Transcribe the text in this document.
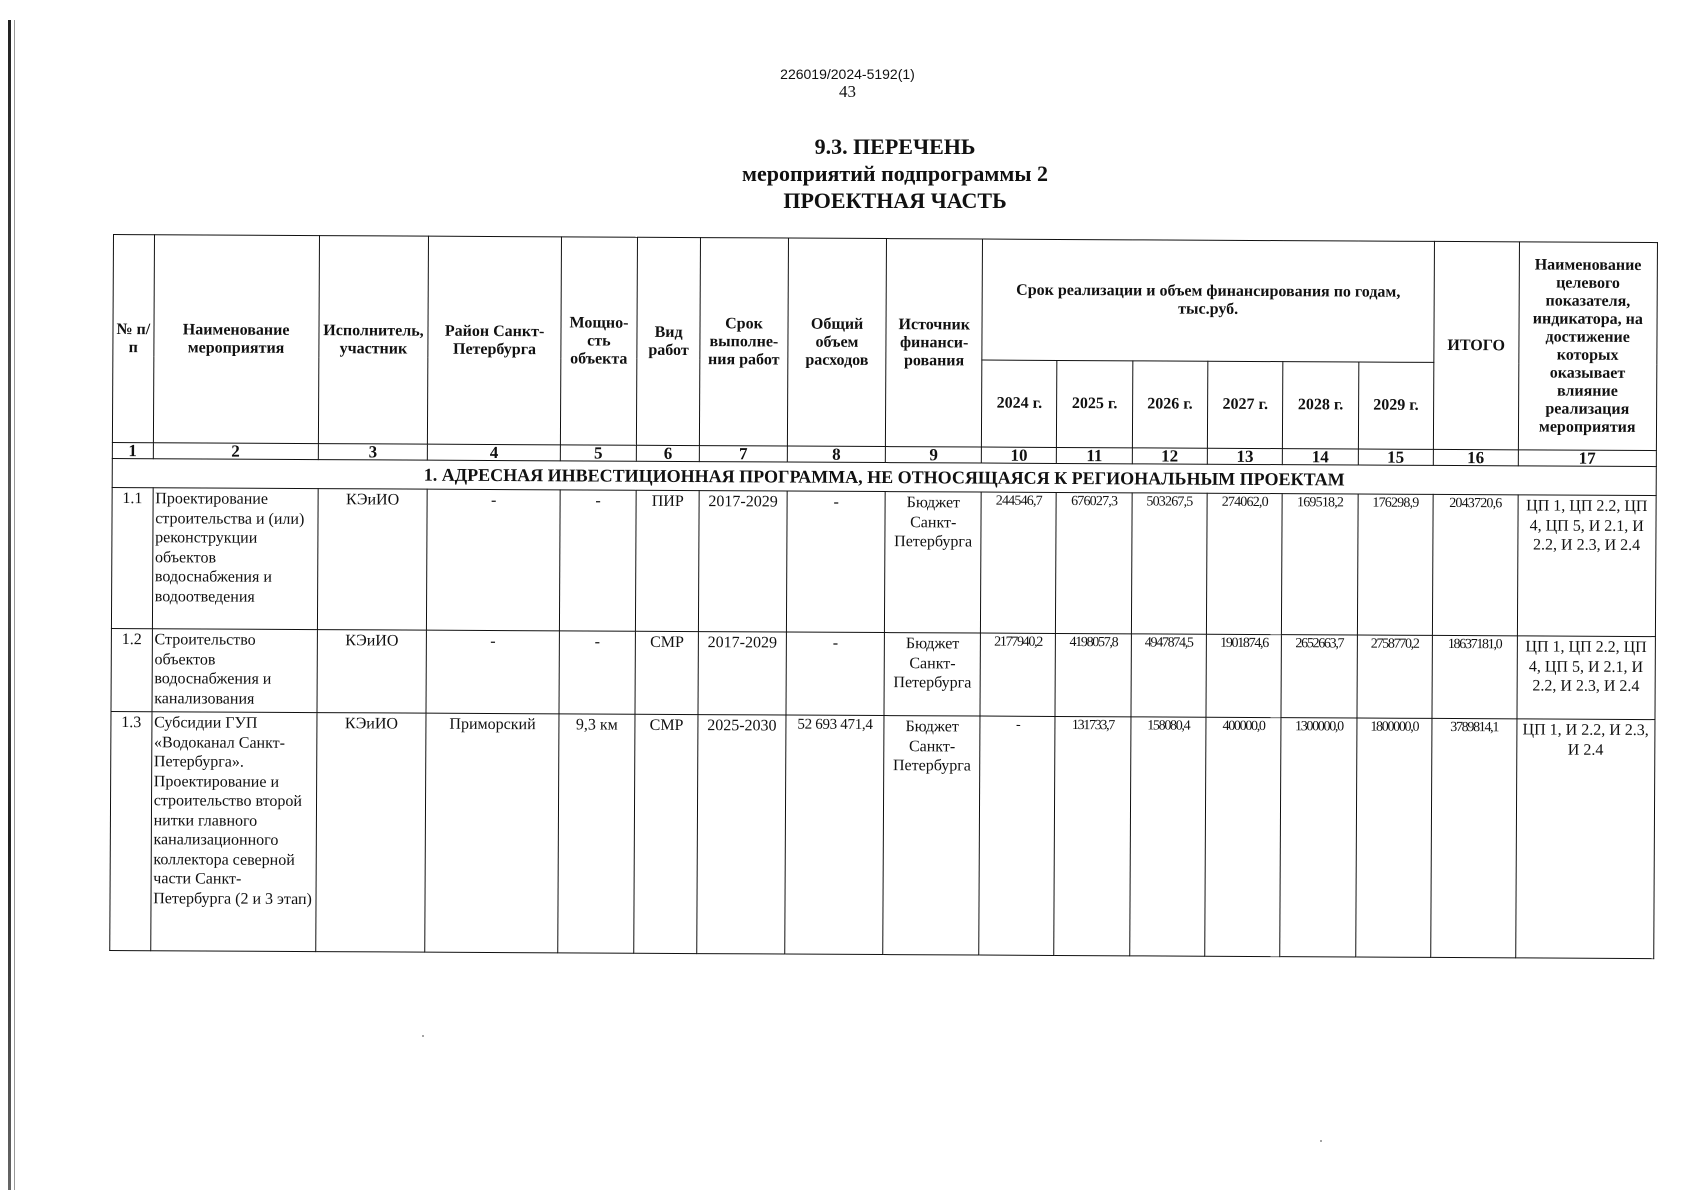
226019/2024-5192(1)
43
9.3. ПЕРЕЧЕНЬ
мероприятий подпрограммы 2
ПРОЕКТНАЯ ЧАСТЬ
№ п/п	Наименование мероприятия	Исполнитель, участник	Район Санкт-Петербурга	Мощно-сть объекта	Вид работ	Срок выполне-ния работ	Общий объем расходов	Источник финанси-рования	Срок реализации и объем финансирования по годам, тыс.руб.						ИТОГО	Наименование целевого показателя, индикатора, на достижение которых оказывает влияние реализация мероприятия
									2024 г.	2025 г.	2026 г.	2027 г.	2028 г.	2029 г.		
1	2	3	4	5	6	7	8	9	10	11	12	13	14	15	16	17
1. АДРЕСНАЯ ИНВЕСТИЦИОННАЯ ПРОГРАММА, НЕ ОТНОСЯЩАЯСЯ К РЕГИОНАЛЬНЫМ ПРОЕКТАМ																
1.1	Проектирование строительства и (или) реконструкции объектов водоснабжения и водоотведения	КЭиИО	-	-	ПИР	2017-2029	-	Бюджет Санкт-Петербурга	244546,7	676027,3	503267,5	274062,0	169518,2	176298,9	2043720,6	ЦП 1, ЦП 2.2, ЦП 4, ЦП 5, И 2.1, И 2.2, И 2.3, И 2.4
1.2	Строительство объектов водоснабжения и канализования	КЭиИО	-	-	СМР	2017-2029	-	Бюджет Санкт-Петербурга	2177940,2	4198057,8	4947874,5	1901874,6	2652663,7	2758770,2	18637181,0	ЦП 1, ЦП 2.2, ЦП 4, ЦП 5, И 2.1, И 2.2, И 2.3, И 2.4
1.3	Субсидии ГУП «Водоканал Санкт-Петербурга». Проектирование и строительство второй нитки главного канализационного коллектора северной части Санкт-Петербурга (2 и 3 этап)	КЭиИО	Приморский	9,3 км	СМР	2025-2030	52 693 471,4	Бюджет Санкт-Петербурга	-	131733,7	158080,4	400000,0	1300000,0	1800000,0	3789814,1	ЦП 1, И 2.2, И 2.3, И 2.4
